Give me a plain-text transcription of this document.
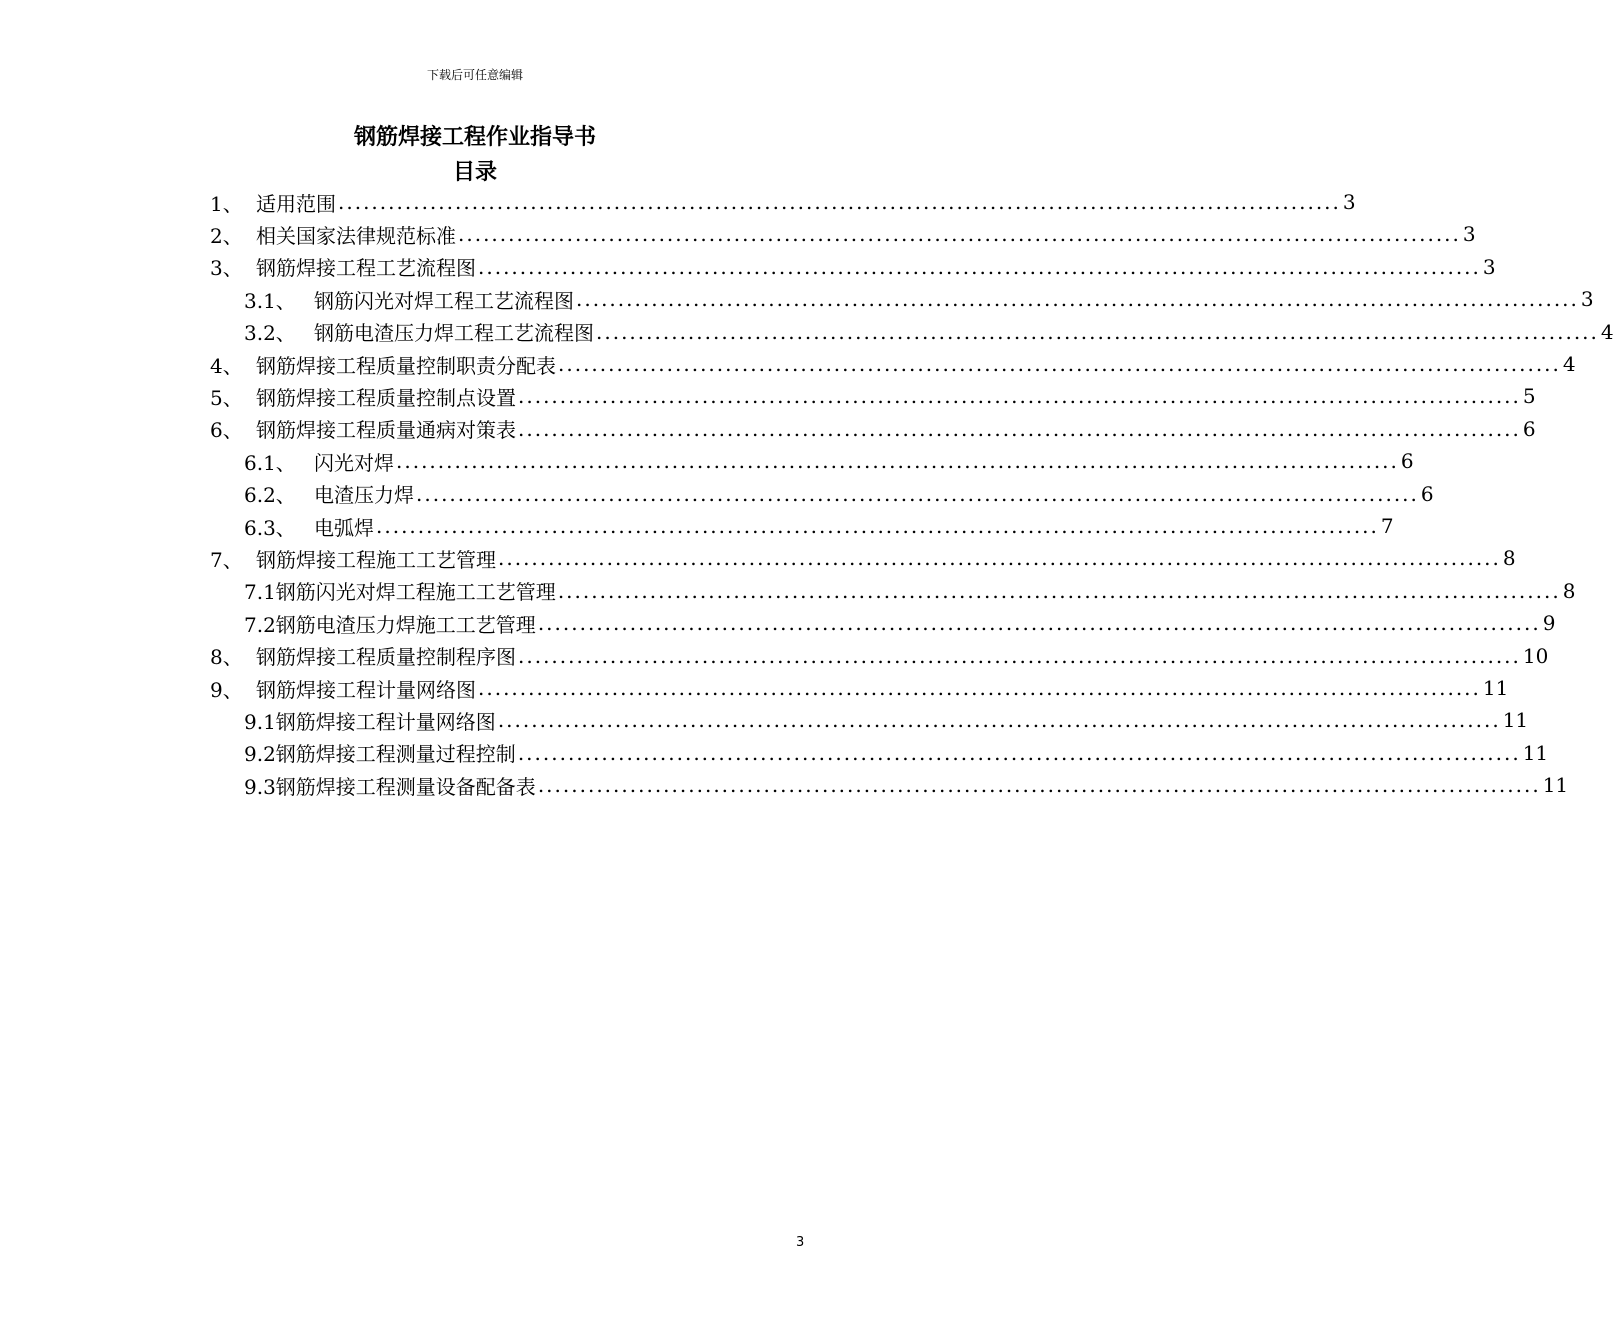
下载后可任意编辑
钢筋焊接工程作业指导书
目录
1、 适用范围 ........................................................................................................................ 3
2、 相关国家法律规范标准 ........................................................................................................................ 3
3、 钢筋焊接工程工艺流程图 ........................................................................................................................ 3
3.1、 钢筋闪光对焊工程工艺流程图 ........................................................................................................................ 3
3.2、 钢筋电渣压力焊工程工艺流程图 ........................................................................................................................ 4
4、 钢筋焊接工程质量控制职责分配表 ........................................................................................................................ 4
5、 钢筋焊接工程质量控制点设置 ........................................................................................................................ 5
6、 钢筋焊接工程质量通病对策表 ........................................................................................................................ 6
6.1、 闪光对焊 ........................................................................................................................ 6
6.2、 电渣压力焊 ........................................................................................................................ 6
6.3、 电弧焊 ........................................................................................................................ 7
7、 钢筋焊接工程施工工艺管理 ........................................................................................................................ 8
7.1钢筋闪光对焊工程施工工艺管理 ........................................................................................................................ 8
7.2钢筋电渣压力焊施工工艺管理 ........................................................................................................................ 9
8、 钢筋焊接工程质量控制程序图 ........................................................................................................................ 10
9、 钢筋焊接工程计量网络图 ........................................................................................................................ 11
9.1钢筋焊接工程计量网络图 ........................................................................................................................ 11
9.2钢筋焊接工程测量过程控制 ........................................................................................................................ 11
9.3钢筋焊接工程测量设备配备表 ........................................................................................................................ 11
3
